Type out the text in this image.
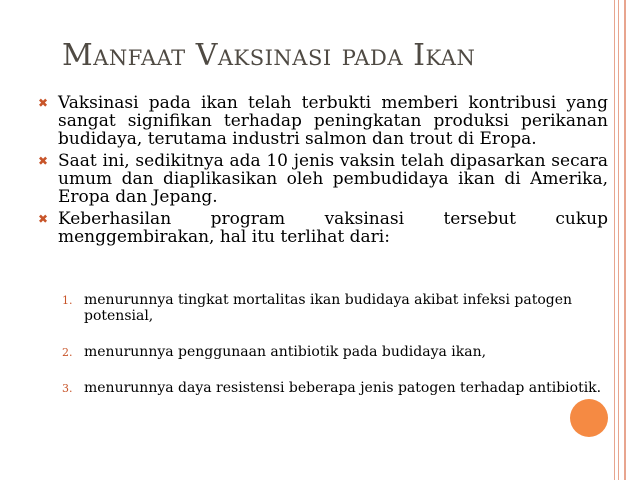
Manfaat Vaksinasi pada Ikan
✖ Vaksinasi pada ikan telah terbukti memberi kontribusi yang sangat signifikan terhadap peningkatan produksi perikanan budidaya, terutama industri salmon dan trout di Eropa.
✖ Saat ini, sedikitnya ada 10 jenis vaksin telah dipasarkan secara umum dan diaplikasikan oleh pembudidaya ikan di Amerika, Eropa dan Jepang.
✖ Keberhasilan program vaksinasi tersebut cukup menggembirakan, hal itu terlihat dari:
1. menurunnya tingkat mortalitas ikan budidaya akibat infeksi patogen potensial,
2. menurunnya penggunaan antibiotik pada budidaya ikan,
3. menurunnya daya resistensi beberapa jenis patogen terhadap antibiotik.
